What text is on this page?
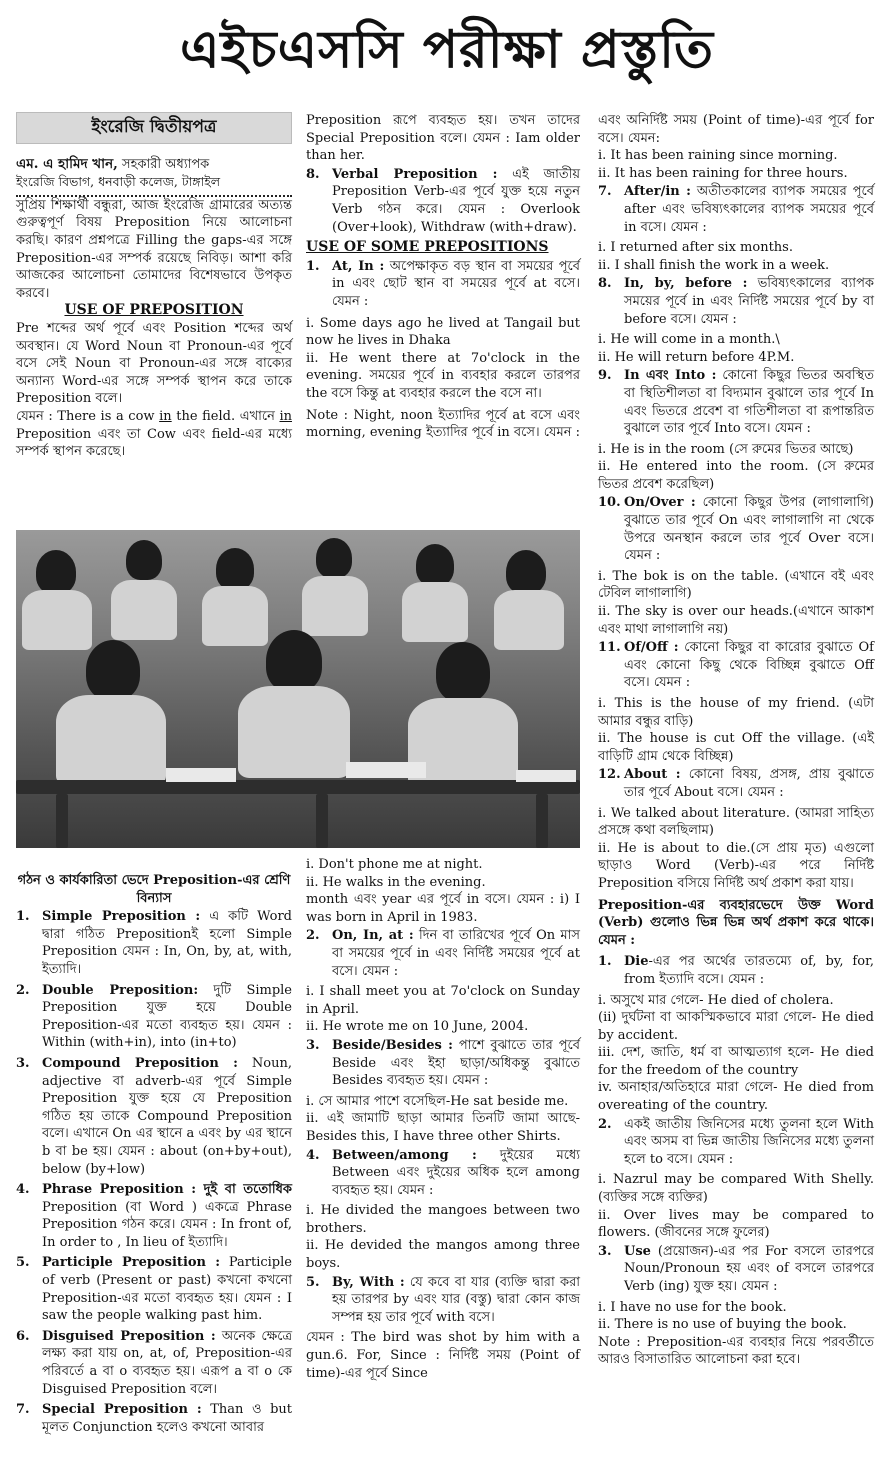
এইচএসসি পরীক্ষা প্রস্তুতি
ইংরেজি দ্বিতীয়পত্র

এম. এ হামিদ খান, সহকারী অধ্যাপক

ইংরেজি বিভাগ, ধনবাড়ী কলেজ, টাঙ্গাইল

সুপ্রিয় শিক্ষার্থী বন্ধুরা, আজ ইংরেজি গ্রামারের অত্যন্ত গুরুত্বপূর্ণ বিষয় Preposition নিয়ে আলোচনা করছি। কারণ প্রশ্নপত্রে Filling the gaps-এর সঙ্গে Preposition-এর সম্পর্ক রয়েছে নিবিড়। আশা করি আজকের আলোচনা তোমাদের বিশেষভাবে উপকৃত করবে।

USE OF PREPOSITION

Pre শব্দের অর্থ পূর্বে এবং Position শব্দের অর্থ অবস্থান। যে Word Noun বা Pronoun-এর পূর্বে বসে সেই Noun বা Pronoun-এর সঙ্গে বাক্যের অন্যান্য Word-এর সঙ্গে সম্পর্ক স্থাপন করে তাকে Preposition বলে।

যেমন : There is a cow in the field. এখানে in Preposition এবং তা Cow এবং field-এর মধ্যে সম্পর্ক স্থাপন করেছে।

গঠন ও কার্যকারিতা ভেদে Preposition-এর শ্রেণি বিন্যাস

1. Simple Preposition : এ কটি Word দ্বারা গঠিত Prepositionই হলো Simple Preposition যেমন : In, On, by, at, with, ইত্যাদি।
2. Double Preposition: দুটি Simple Preposition যুক্ত হয়ে Double Preposition-এর মতো ব্যবহৃত হয়। যেমন : Within (with+in), into (in+to)
3. Compound Preposition : Noun, adjective বা adverb-এর পূর্বে Simple Preposition যুক্ত হয়ে যে Preposition গঠিত হয় তাকে Compound Preposition বলে। এখানে On এর স্থানে a এবং by এর স্থানে b বা be হয়। যেমন : about (on+by+out), below (by+low)
4. Phrase Preposition : দুই বা ততোধিক Preposition (বা Word ) একত্রে Phrase Preposition গঠন করে। যেমন : In front of, In order to , In lieu of ইত্যাদি।
5. Participle Preposition : Participle of verb (Present or past) কখনো কখনো Preposition-এর মতো ব্যবহৃত হয়। যেমন : I saw the people walking past him.
6. Disguised Preposition : অনেক ক্ষেত্রে লক্ষ্য করা যায় on, at, of, Preposition-এর পরিবর্তে a বা o ব্যবহৃত হয়। এরূপ a বা o কে Disguised Preposition বলে।
7. Special Preposition : Than ও but মূলত Conjunction হলেও কখনো আবার

Preposition রূপে ব্যবহৃত হয়। তখন তাদের Special Preposition বলে। যেমন : Iam older than her.

8. Verbal Preposition : এই জাতীয় Preposition Verb-এর পূর্বে যুক্ত হয়ে নতুন Verb গঠন করে। যেমন : Overlook (Over+look), Withdraw (with+draw).

USE OF SOME PREPOSITIONS

1. At, In : অপেক্ষাকৃত বড় স্থান বা সময়ের পূর্বে in এবং ছোট স্থান বা সময়ের পূর্বে at বসে। যেমন :

i. Some days ago he lived at Tangail but now he lives in Dhaka

ii. He went there at 7o'clock in the evening. সময়ের পূর্বে in ব্যবহার করলে তারপর the বসে কিন্তু at ব্যবহার করলে the বসে না।

Note : Night, noon ইত্যাদির পূর্বে at বসে এবং morning, evening ইত্যাদির পূর্বে in বসে। যেমন :

i. Don't phone me at night.

ii. He walks in the evening.

month এবং year এর পূর্বে in বসে। যেমন : i) I was born in April in 1983.

2. On, In, at : দিন বা তারিখের পূর্বে On মাস বা সময়ের পূর্বে in এবং নির্দিষ্ট সময়ের পূর্বে at বসে। যেমন :

i. I shall meet you at 7o'clock on Sunday in April.

ii. He wrote me on 10 June, 2004.

3. Beside/Besides : পাশে বুঝাতে তার পূর্বে Beside এবং ইহা ছাড়া/অধিকন্তু বুঝাতে Besides ব্যবহৃত হয়। যেমন :

i. সে আমার পাশে বসেছিল-He sat beside me.

ii. এই জামাটি ছাড়া আমার তিনটি জামা আছে- Besides this, I have three other Shirts.

4. Between/among : দুইয়ের মধ্যে Between এবং দুইয়ের অধিক হলে among ব্যবহৃত হয়। যেমন :

i. He divided the mangoes between two brothers.

ii. He devided the mangos among three boys.

5. By, With : যে কবে বা যার (ব্যক্তি দ্বারা করা হয় তারপর by এবং যার (বস্তু) দ্বারা কোন কাজ সম্পন্ন হয় তার পূর্বে with বসে।

যেমন : The bird was shot by him with a gun.6. For, Since : নির্দিষ্ট সময় (Point of time)-এর পূর্বে Since

এবং অনির্দিষ্ট সময় (Point of time)-এর পূর্বে for বসে। যেমন:

i. It has been raining since morning.

ii. It has been raining for three hours.

7. After/in : অতীতকালের ব্যাপক সময়ের পূর্বে after এবং ভবিষ্যৎকালের ব্যাপক সময়ের পূর্বে in বসে। যেমন :

i. I returned after six months.

ii. I shall finish the work in a week.

8. In, by, before : ভবিষ্যৎকালের ব্যাপক সময়ের পূর্বে in এবং নির্দিষ্ট সময়ের পূর্বে by বা before বসে। যেমন :

i. He will come in a month.\

ii. He will return before 4P.M.

9. In এবং Into : কোনো কিছুর ভিতর অবস্থিত বা স্থিতিশীলতা বা বিদ্যমান বুঝালে তার পূর্বে In এবং ভিতরে প্রবেশ বা গতিশীলতা বা রূপান্তরিত বুঝালে তার পূর্বে Into বসে। যেমন :

i. He is in the room (সে রুমের ভিতর আছে)

ii. He entered into the room. (সে রুমের ভিতর প্রবেশ করেছিল)

10. On/Over : কোনো কিছুর উপর (লাগালাগি) বুঝাতে তার পূর্বে On এবং লাগালাগি না থেকে উপরে অনস্থান করলে তার পূর্বে Over বসে। যেমন :

i. The bok is on the table. (এখানে বই এবং টেবিল লাগালাগি)

ii. The sky is over our heads.(এখানে আকাশ এবং মাথা লাগালাগি নয়)

11. Of/Off : কোনো কিছুর বা কারোর বুঝাতে Of এবং কোনো কিছু থেকে বিচ্ছিন্ন বুঝাতে Off বসে। যেমন :

i. This is the house of my friend. (এটা আমার বন্ধুর বাড়ি)

ii. The house is cut Off the village. (এই বাড়িটি গ্রাম থেকে বিচ্ছিন্ন)

12. About : কোনো বিষয়, প্রসঙ্গ, প্রায় বুঝাতে তার পূর্বে About বসে। যেমন :

i. We talked about literature. (আমরা সাহিত্য প্রসঙ্গে কথা বলছিলাম)

ii. He is about to die.(সে প্রায় মৃত) এগুলো ছাড়াও Word (Verb)-এর পরে নির্দিষ্ট Preposition বসিয়ে নির্দিষ্ট অর্থ প্রকাশ করা যায়।

Preposition-এর ব্যবহারভেদে উক্ত Word (Verb) গুলোও ভিন্ন ভিন্ন অর্থ প্রকাশ করে থাকে। যেমন :

1. Die-এর পর অর্থের তারতম্যে of, by, for, from ইত্যাদি বসে। যেমন :

i. অসুখে মার গেলে- He died of cholera.

(ii) দুর্ঘটনা বা আকস্মিকভাবে মারা গেলে- He died by accident.

iii. দেশ, জাতি, ধর্ম বা আত্মত্যাগ হলে- He died for the freedom of the country

iv. অনাহার/অতিহারে মারা গেলে- He died from overeating of the country.

2. একই জাতীয় জিনিসের মধ্যে তুলনা হলে With এবং অসম বা ভিন্ন জাতীয় জিনিসের মধ্যে তুলনা হলে to বসে। যেমন :

i. Nazrul may be compared With Shelly. (ব্যক্তির সঙ্গে ব্যক্তির)

ii. Over lives may be compared to flowers. (জীবনের সঙ্গে ফুলের)

3. Use (প্রয়োজন)-এর পর For বসলে তারপরে Noun/Pronoun হয় এবং of বসলে তারপরে Verb (ing) যুক্ত হয়। যেমন :

i. I have no use for the book.

ii. There is no use of buying the book.

Note : Preposition-এর ব্যবহার নিয়ে পরবর্তীতে আরও বিসাতারিত আলোচনা করা হবে।
